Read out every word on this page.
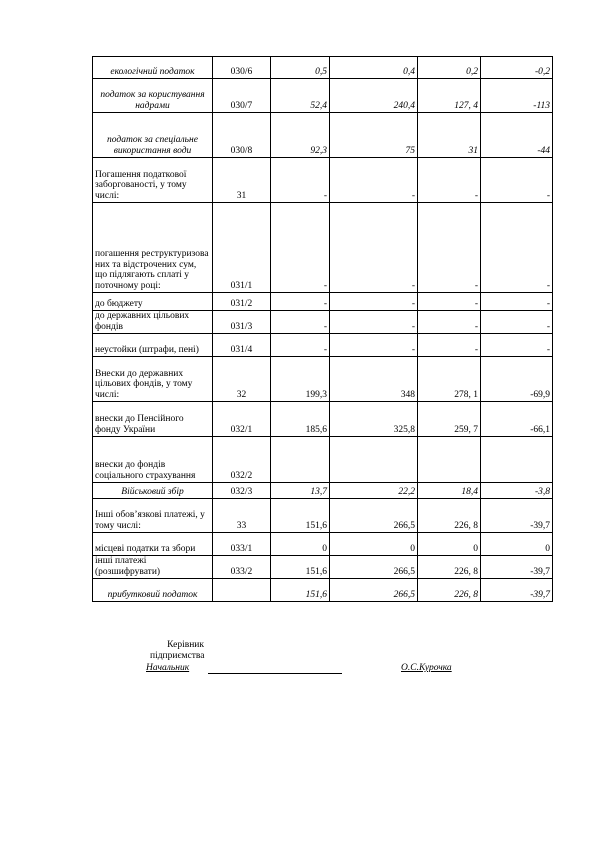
екологічний податок	030/6	0,5	0,4	0,2	-0,2
податок за користування надрами	030/7	52,4	240,4	127, 4	-113
податок за спеціальне використання води	030/8	92,3	75	31	-44
Погашення податкової заборгованості, у тому числі:	31	-	-	-	-
погашення реструктуризова них та відстрочених сум, що підлягають сплаті у поточному році:	031/1	-	-	-	-
до бюджету	031/2	-	-	-	-
до державних цільових фондів	031/3	-	-	-	-
неустойки (штрафи, пені)	031/4	-	-	-	-
Внески до державних цільових фондів, у тому числі:	32	199,3	348	278, 1	-69,9
внески до Пенсійного фонду України	032/1	185,6	325,8	259, 7	-66,1
внески до фондів соціального страхування	032/2				
Військовий збір	032/3	13,7	22,2	18,4	-3,8
Інші обов’язкові платежі, у тому числі:	33	151,6	266,5	226, 8	-39,7
місцеві податки та збори	033/1	0	0	0	0
інші платежі (розшифрувати)	033/2	151,6	266,5	226, 8	-39,7
прибутковий податок		151,6	266,5	226, 8	-39,7
Керівник підприємства
Начальник	О.С.Курочка
